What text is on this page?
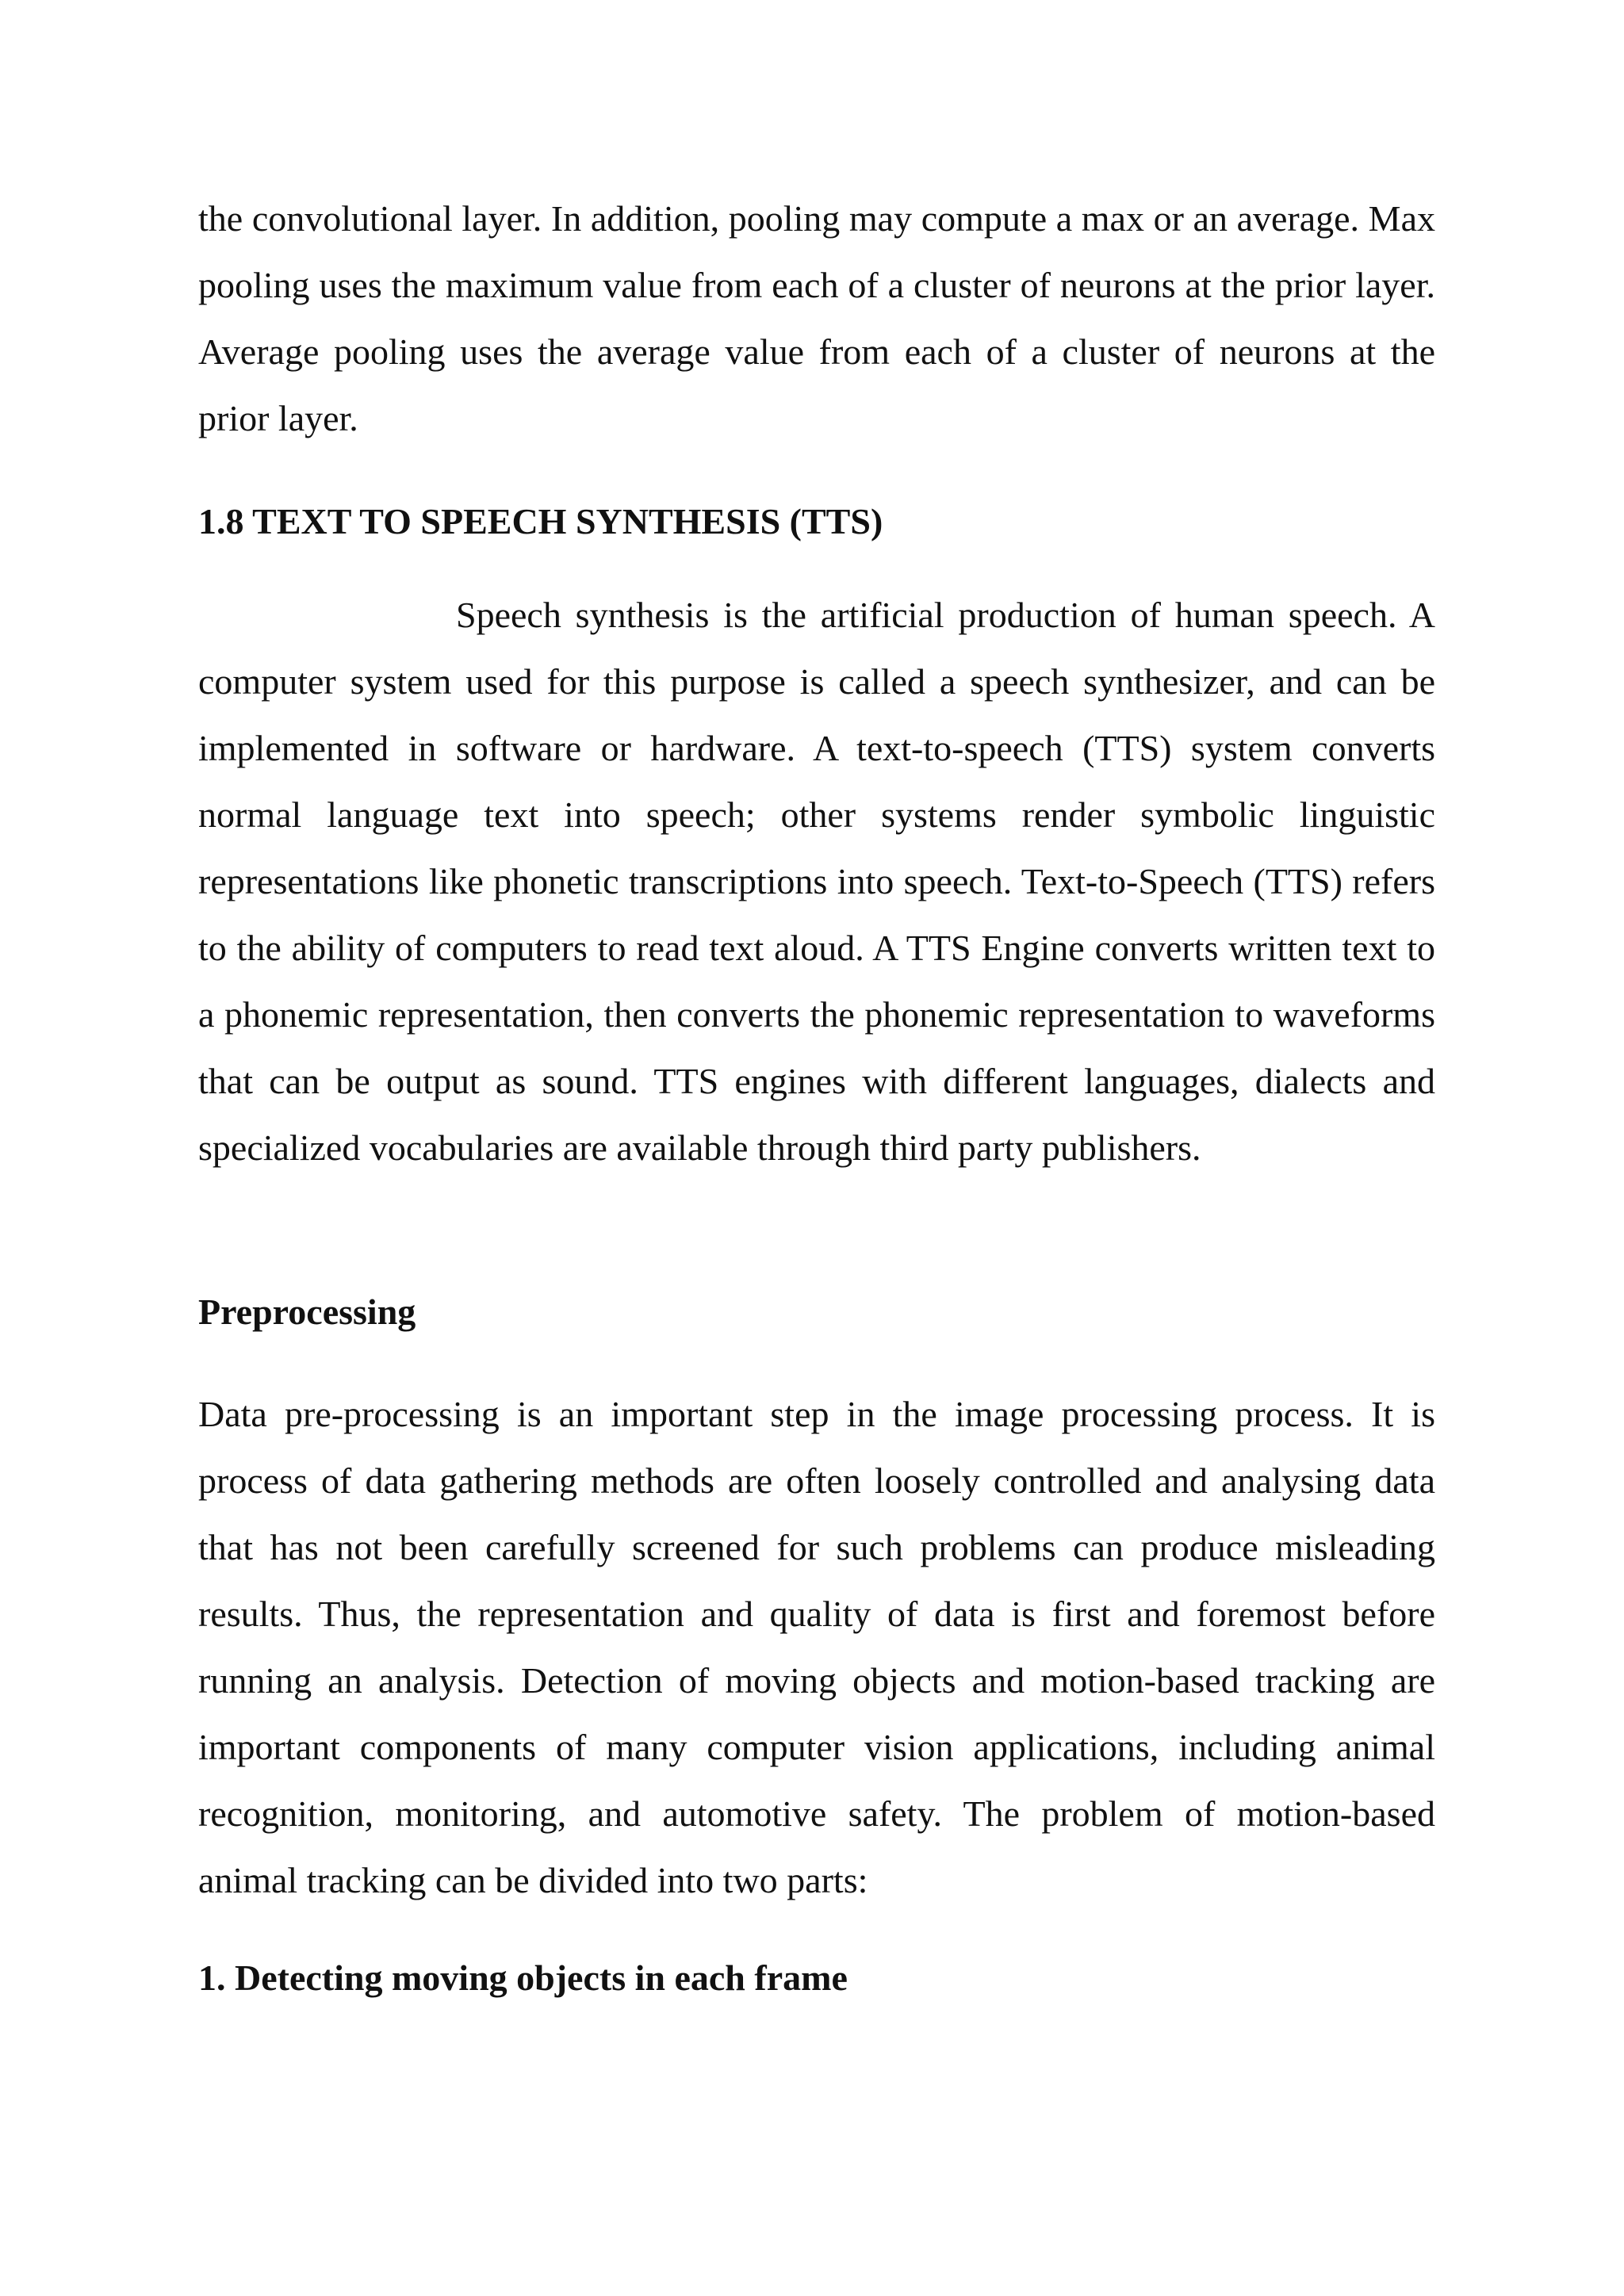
the convolutional layer. In addition, pooling may compute a max or an average. Max pooling uses the maximum value from each of a cluster of neurons at the prior layer. Average pooling uses the average value from each of a cluster of neurons at the prior layer.

1.8 TEXT TO SPEECH SYNTHESIS (TTS)

Speech synthesis is the artificial production of human speech. A computer system used for this purpose is called a speech synthesizer, and can be implemented in software or hardware. A text-to-speech (TTS) system converts normal language text into speech; other systems render symbolic linguistic representations like phonetic transcriptions into speech. Text-to-Speech (TTS) refers to the ability of computers to read text aloud. A TTS Engine converts written text to a phonemic representation, then converts the phonemic representation to waveforms that can be output as sound. TTS engines with different languages, dialects and specialized vocabularies are available through third party publishers.

Preprocessing

Data pre-processing is an important step in the image processing process. It is process of data gathering methods are often loosely controlled and analysing data that has not been carefully screened for such problems can produce misleading results. Thus, the representation and quality of data is first and foremost before running an analysis. Detection of moving objects and motion-based tracking are important components of many computer vision applications, including animal recognition, monitoring, and automotive safety. The problem of motion-based animal tracking can be divided into two parts:

1. Detecting moving objects in each frame
